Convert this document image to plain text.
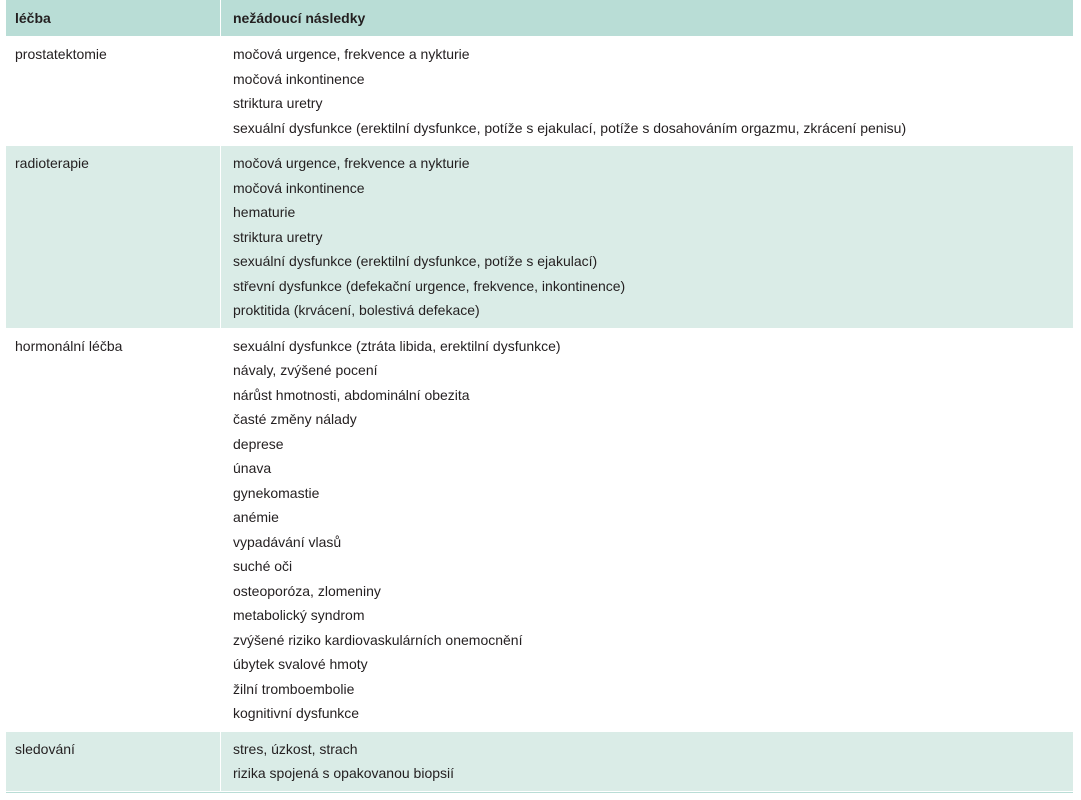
léčba	nežádoucí následky
prostatektomie	močová urgence, frekvence a nykturie
močová inkontinence
striktura uretry
sexuální dysfunkce (erektilní dysfunkce, potíže s ejakulací, potíže s dosahováním orgazmu, zkrácení penisu)
radioterapie	močová urgence, frekvence a nykturie
močová inkontinence
hematurie
striktura uretry
sexuální dysfunkce (erektilní dysfunkce, potíže s ejakulací)
střevní dysfunkce (defekační urgence, frekvence, inkontinence)
proktitida (krvácení, bolestivá defekace)
hormonální léčba	sexuální dysfunkce (ztráta libida, erektilní dysfunkce)
návaly, zvýšené pocení
nárůst hmotnosti, abdominální obezita
časté změny nálady
deprese
únava
gynekomastie
anémie
vypadávání vlasů
suché oči
osteoporóza, zlomeniny
metabolický syndrom
zvýšené riziko kardiovaskulárních onemocnění
úbytek svalové hmoty
žilní tromboembolie
kognitivní dysfunkce
sledování	stres, úzkost, strach
rizika spojená s opakovanou biopsií
